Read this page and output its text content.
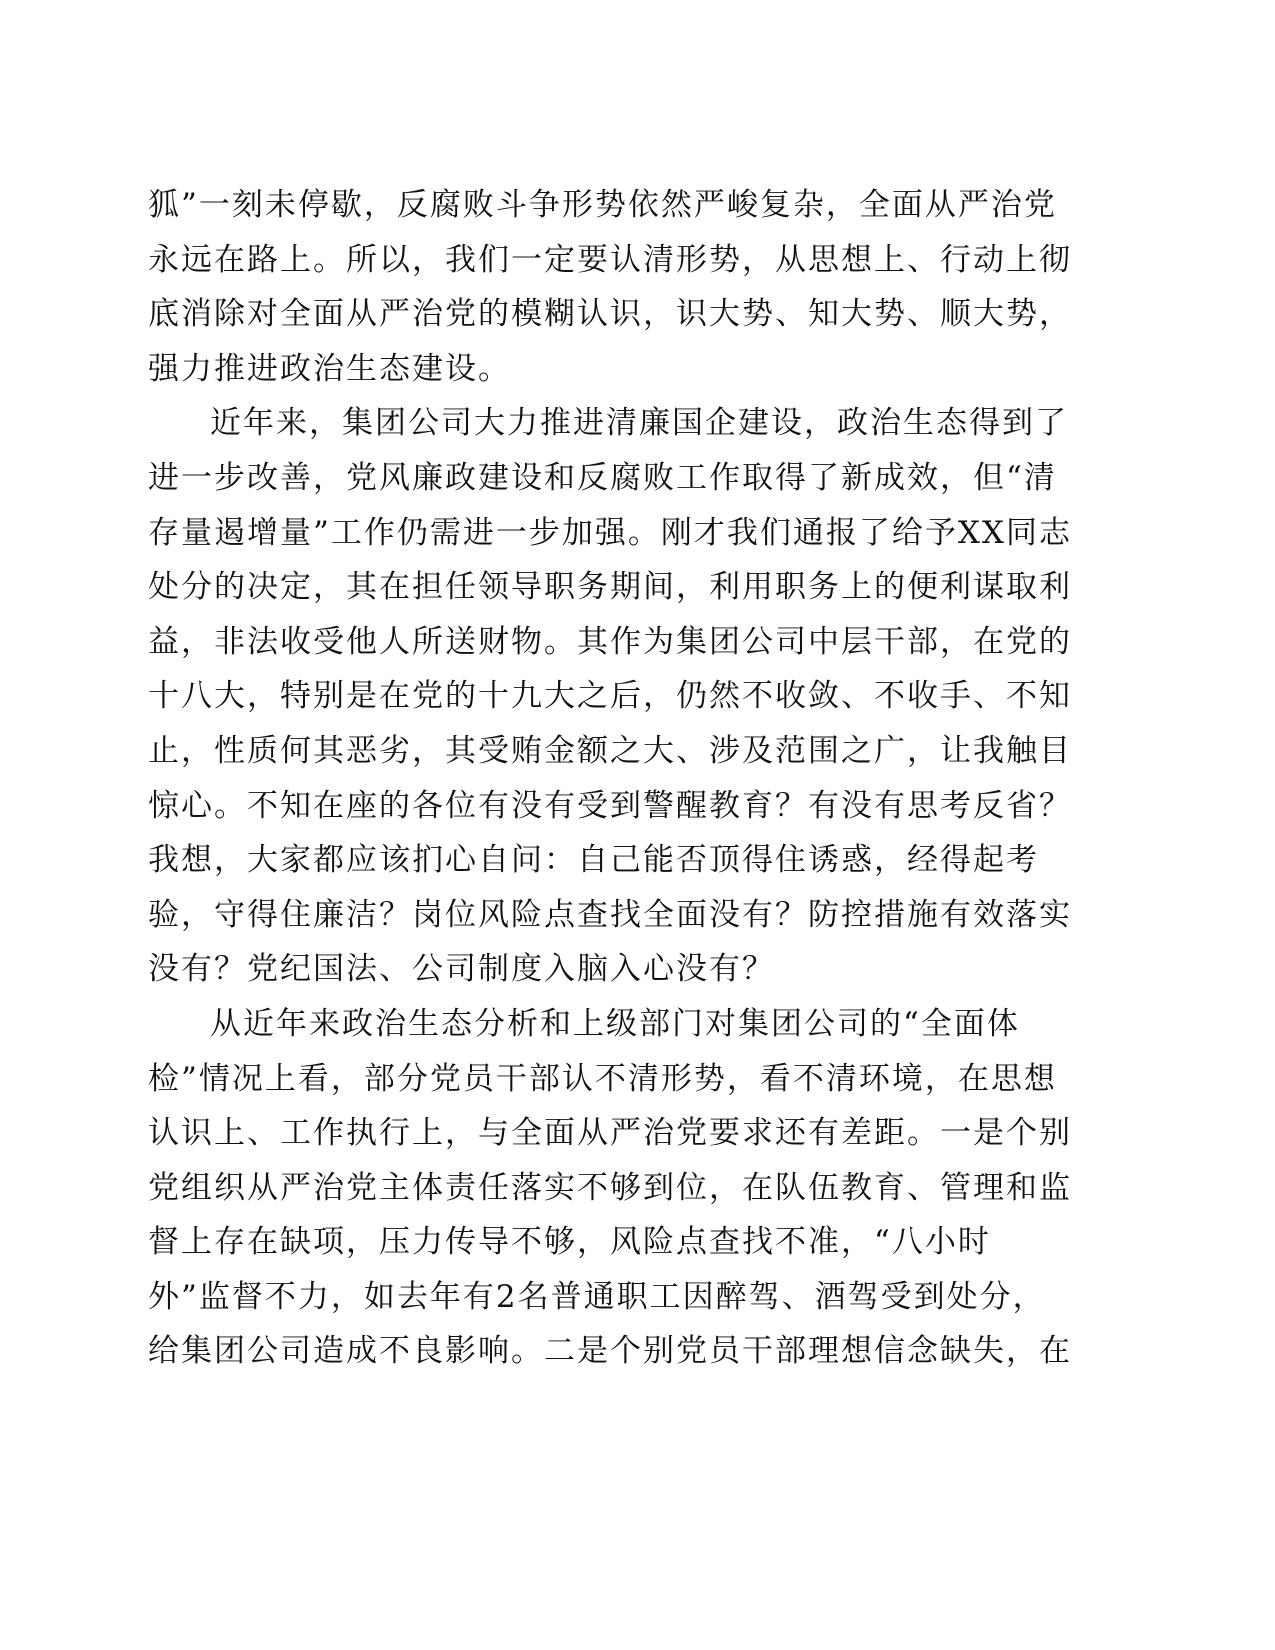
狐”一刻未停歇，反腐败斗争形势依然严峻复杂，全面从严治党
永远在路上。所以，我们一定要认清形势，从思想上、行动上彻
底消除对全面从严治党的模糊认识，识大势、知大势、顺大势，
强力推进政治生态建设。
近年来，集团公司大力推进清廉国企建设，政治生态得到了
进一步改善，党风廉政建设和反腐败工作取得了新成效，但“清
存量遏增量”工作仍需进一步加强。刚才我们通报了给予XX同志
处分的决定，其在担任领导职务期间，利用职务上的便利谋取利
益，非法收受他人所送财物。其作为集团公司中层干部，在党的
十八大，特别是在党的十九大之后，仍然不收敛、不收手、不知
止，性质何其恶劣，其受贿金额之大、涉及范围之广，让我触目
惊心。不知在座的各位有没有受到警醒教育？有没有思考反省？
我想，大家都应该扪心自问：自己能否顶得住诱惑，经得起考
验，守得住廉洁？岗位风险点查找全面没有？防控措施有效落实
没有？党纪国法、公司制度入脑入心没有？
从近年来政治生态分析和上级部门对集团公司的“全面体
检”情况上看，部分党员干部认不清形势，看不清环境，在思想
认识上、工作执行上，与全面从严治党要求还有差距。一是个别
党组织从严治党主体责任落实不够到位，在队伍教育、管理和监
督上存在缺项，压力传导不够，风险点查找不准，“八小时
外”监督不力，如去年有2名普通职工因醉驾、酒驾受到处分，
给集团公司造成不良影响。二是个别党员干部理想信念缺失，在
